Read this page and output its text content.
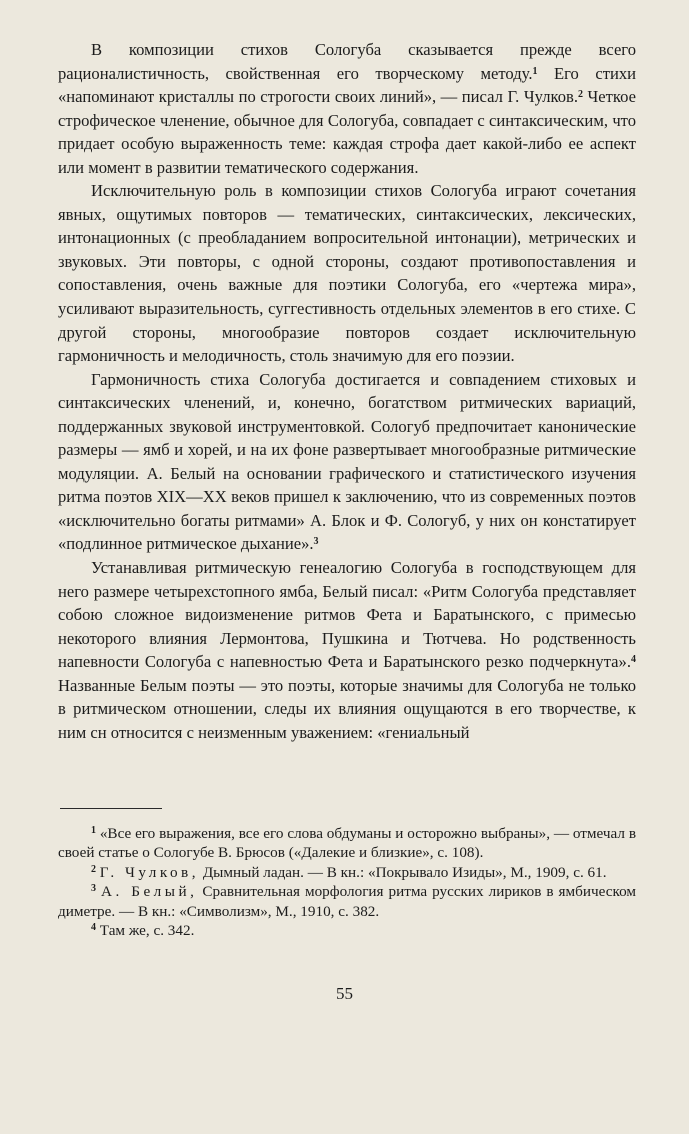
В композиции стихов Сологуба сказывается прежде всего рационалистичность, свойственная его творческому методу.$^1$ Его стихи «напоминают кристаллы по строгости своих линий», — писал Г. Чулков.$^2$ Четкое строфическое членение, обычное для Сологуба, совпадает с синтаксическим, что придает особую выраженность теме: каждая строфа дает какой-либо ее аспект или момент в развитии тематического содержания.

Исключительную роль в композиции стихов Сологуба играют сочетания явных, ощутимых повторов — тематических, синтаксических, лексических, интонационных (с преобладанием вопросительной интонации), метрических и звуковых. Эти повторы, с одной стороны, создают противопоставления и сопоставления, очень важные для поэтики Сологуба, его «чертежа мира», усиливают выразительность, суггестивность отдельных элементов в его стихе. С другой стороны, многообразие повторов создает исключительную гармоничность и мелодичность, столь значимую для его поэзии.

Гармоничность стиха Сологуба достигается и совпадением стиховых и синтаксических членений, и, конечно, богатством ритмических вариаций, поддержанных звуковой инструментовкой. Сологуб предпочитает канонические размеры — ямб и хорей, и на их фоне развертывает многообразные ритмические модуляции. А. Белый на основании графического и статистического изучения ритма поэтов XIX—XX веков пришел к заключению, что из современных поэтов «исключительно богаты ритмами» А. Блок и Ф. Сологуб, у них он констатирует «подлинное ритмическое дыхание».$^3$

Устанавливая ритмическую генеалогию Сологуба в господствующем для него размере четырехстопного ямба, Белый писал: «Ритм Сологуба представляет собою сложное видоизменение ритмов Фета и Баратынского, с примесью некоторого влияния Лермонтова, Пушкина и Тютчева. Но родственность напевности Сологуба с напевностью Фета и Баратынского резко подчеркнута».$^4$ Названные Белым поэты — это поэты, которые значимы для Сологуба не только в ритмическом отношении, следы их влияния ощущаются в его творчестве, к ним сн относится с неизменным уважением: «гениальный

$^1$ «Все его выражения, все его слова обдуманы и осторожно выбраны», — отмечал в своей статье о Сологубе В. Брюсов («Далекие и близкие», с. 108).

$^2$ Г. Чулков, Дымный ладан. — В кн.: «Покрывало Изиды», М., 1909, с. 61.

$^3$ А. Белый, Сравнительная морфология ритма русских лириков в ямбическом диметре. — В кн.: «Символизм», М., 1910, с. 382.

$^4$ Там же, с. 342.

55
